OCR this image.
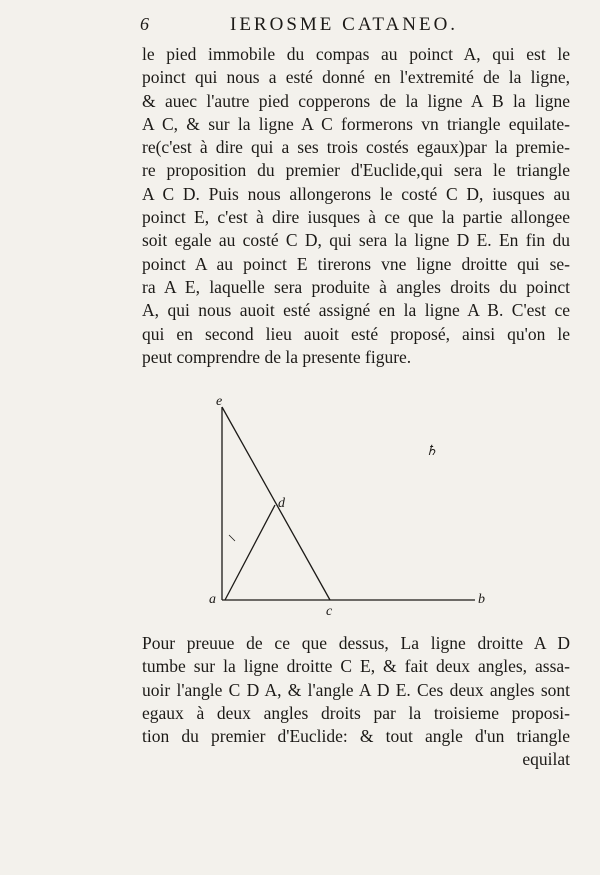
6	IEROSME CATANEO.
le pied immobile du compas au poinct A, qui est le
poinct qui nous a esté donné en l'extremité de la ligne,
& auec l'autre pied copperons de la ligne A B la ligne
A C, & sur la ligne A C formerons vn triangle equilate-
re(c'est à dire qui a ses trois costés egaux)par la premie-
re proposition du premier d'Euclide,qui sera le triangle
A C D. Puis nous allongerons le costé C D, iusques au
poinct E, c'est à dire iusques à ce que la partie allongee
soit egale au costé C D, qui sera la ligne D E. En fin du
poinct A au poinct E tirerons vne ligne droitte qui se-
ra A E, laquelle sera produite à angles droits du poinct
A, qui nous auoit esté assigné en la ligne A B. C'est ce
qui en second lieu auoit esté proposé, ainsi qu'on le
peut comprendre de la presente figure.
e
d
a
c
b
♄
Pour preuue de ce que dessus, La ligne droitte A D
tumbe sur la ligne droitte C E, & fait deux angles, assa-
uoir l'angle C D A, & l'angle A D E. Ces deux angles sont
egaux à deux angles droits par la troisieme proposi-
tion du premier d'Euclide: & tout angle d'un triangle
equilat
